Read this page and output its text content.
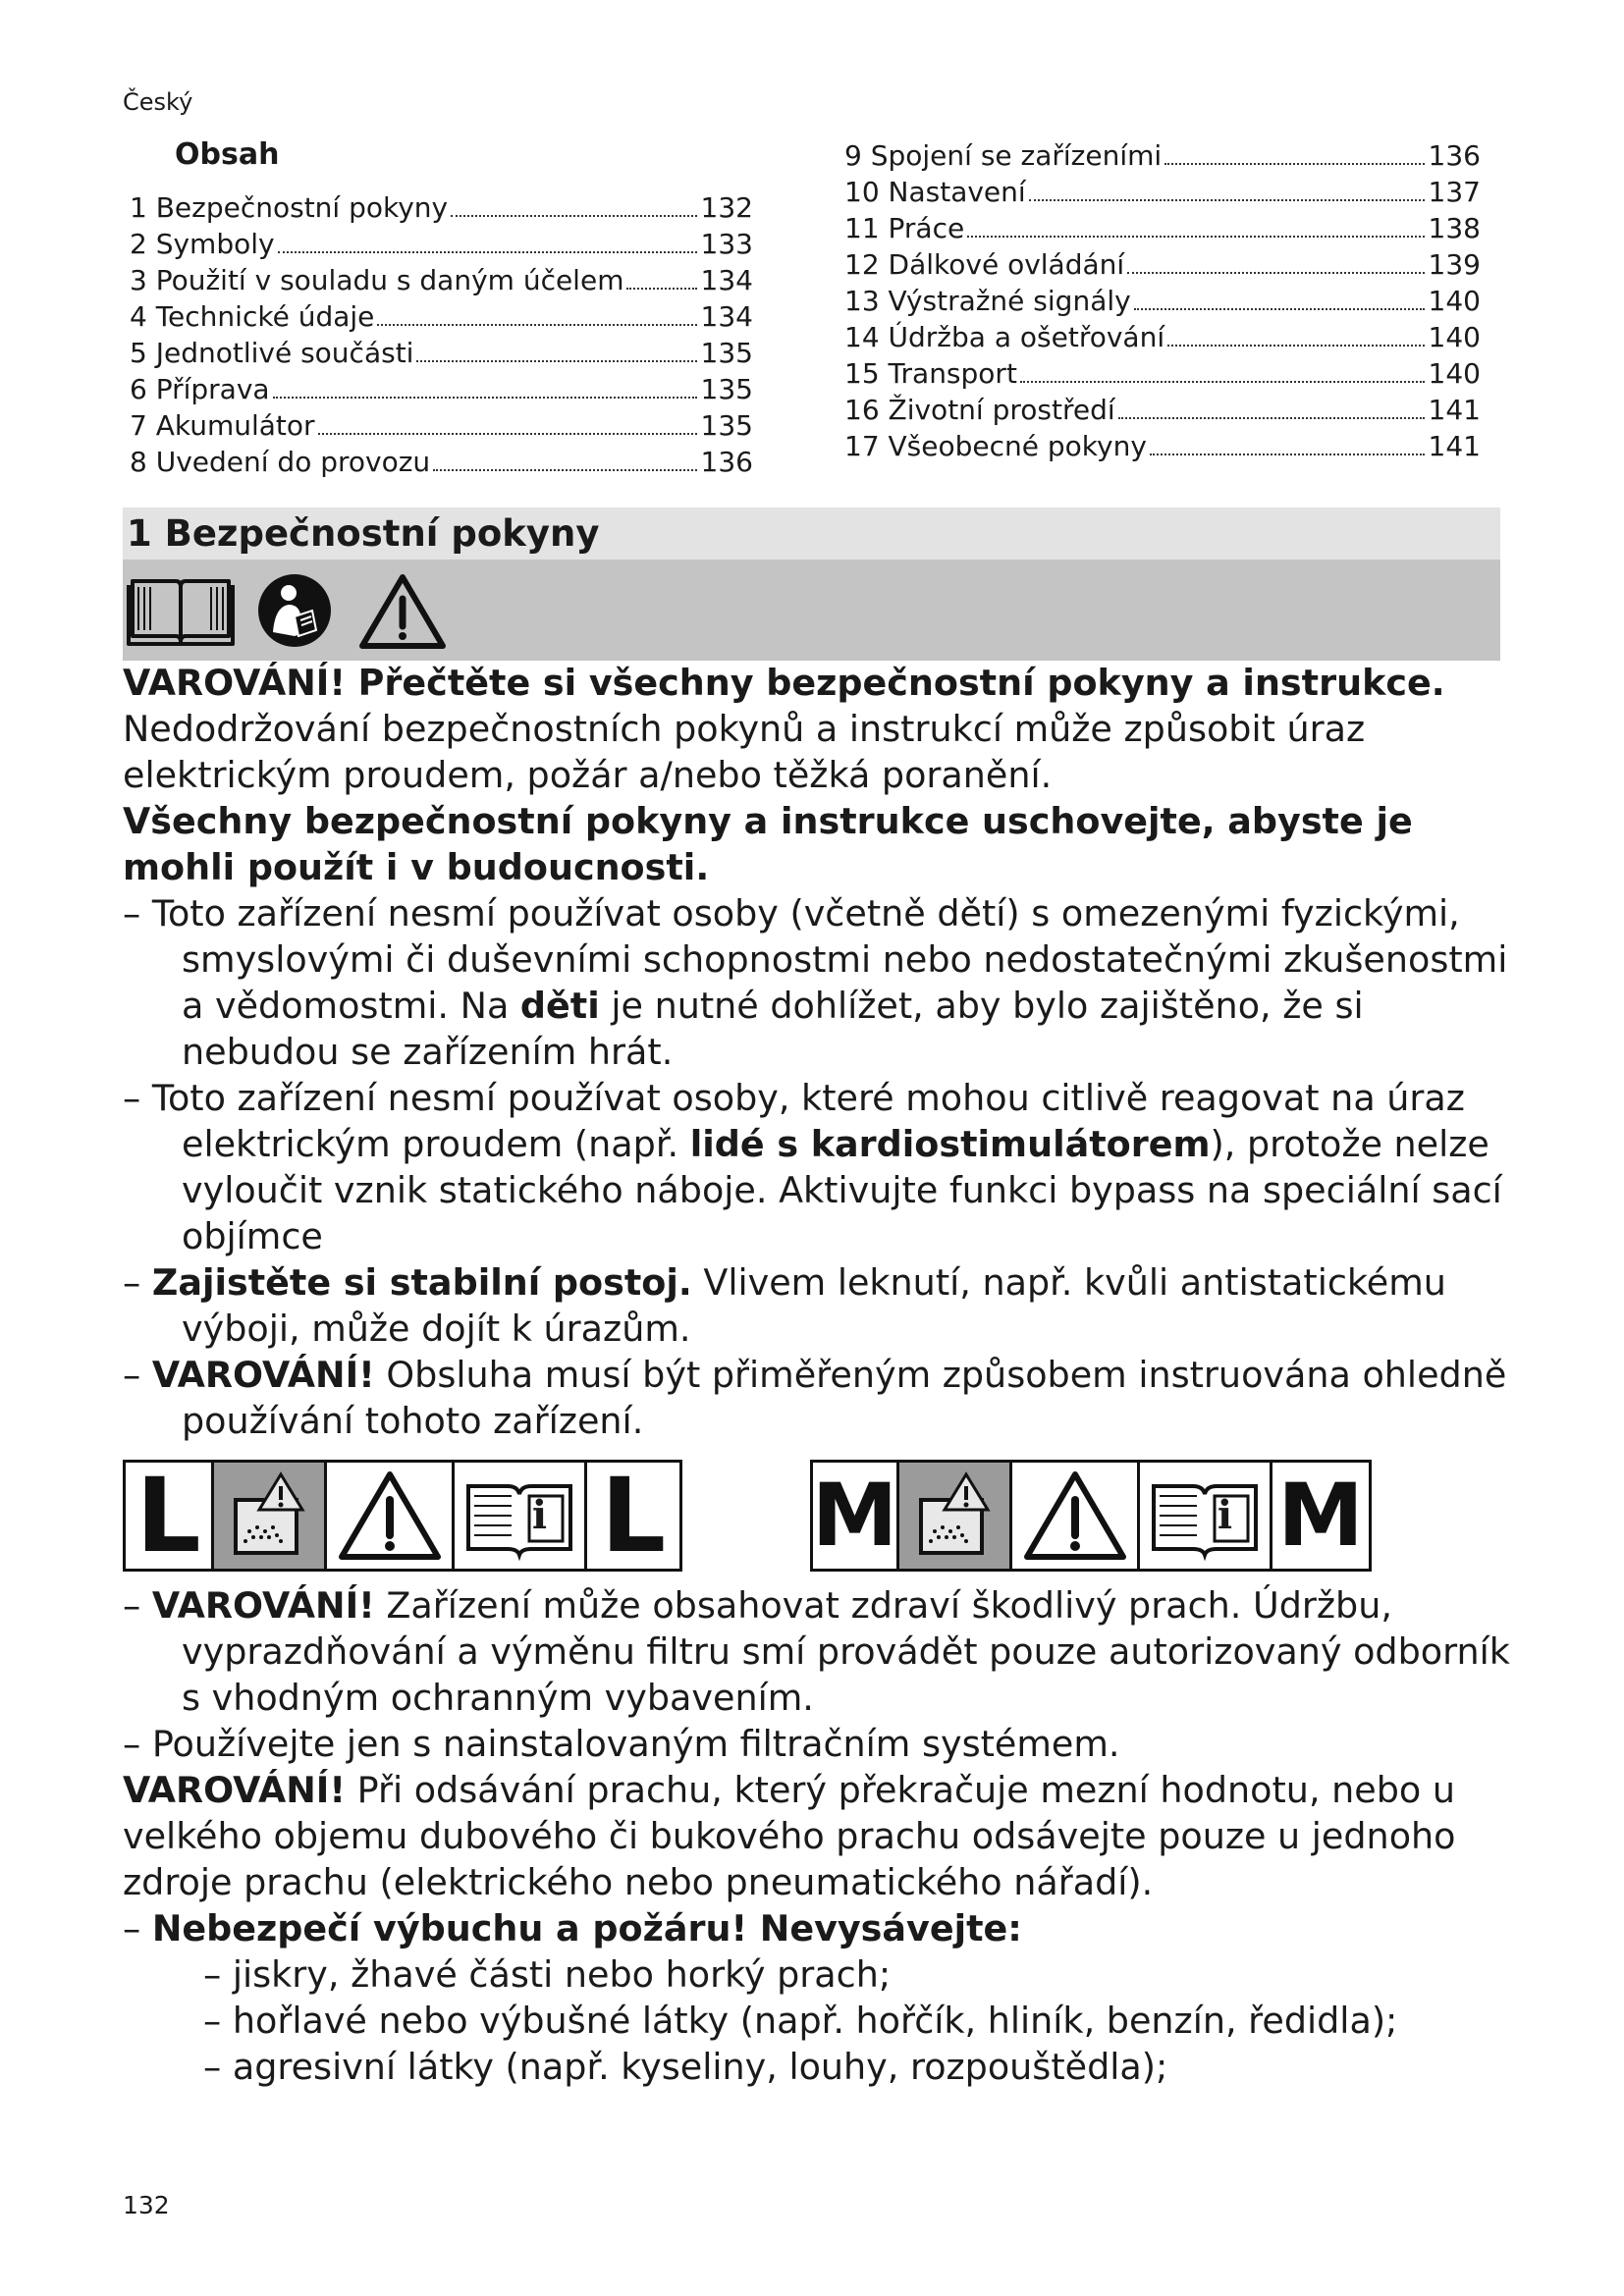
Český
Obsah
1 Bezpečnostní pokyny	132
2 Symboly	133
3 Použití v souladu s daným účelem	134
4 Technické údaje	134
5 Jednotlivé součásti	135
6 Příprava	135
7 Akumulátor	135
8 Uvedení do provozu	136
9 Spojení se zařízeními	136
10 Nastavení	137
11 Práce	138
12 Dálkové ovládání	139
13 Výstražné signály	140
14 Údržba a ošetřování	140
15 Transport	140
16 Životní prostředí	141
17 Všeobecné pokyny	141
1 Bezpečnostní pokyny

VAROVÁNÍ! Přečtěte si všechny bezpečnostní pokyny a instrukce. Nedodržování bezpečnostních pokynů a instrukcí může způsobit úraz elektrickým proudem, požár a/nebo těžká poranění.

Všechny bezpečnostní pokyny a instrukce uschovejte, abyste je mohli použít i v budoucnosti.

– Toto zařízení nesmí používat osoby (včetně dětí) s omezenými fyzickými, smyslovými či duševními schopnostmi nebo nedostatečnými zkušenostmi a vědomostmi. Na děti je nutné dohlížet, aby bylo zajištěno, že si nebudou se zařízením hrát.

– Toto zařízení nesmí používat osoby, které mohou citlivě reagovat na úraz elektrickým proudem (např. lidé s kardiostimulátorem), protože nelze vyloučit vznik statického náboje. Aktivujte funkci bypass na speciální sací objímce

– Zajistěte si stabilní postoj. Vlivem leknutí, např. kvůli antistatickému výboji, může dojít k úrazům.

– VAROVÁNÍ! Obsluha musí být přiměřeným způsobem instruována ohledně používání tohoto zařízení.

L	i L M	i M

– VAROVÁNÍ! Zařízení může obsahovat zdraví škodlivý prach. Údržbu, vyprazdňování a výměnu filtru smí provádět pouze autorizovaný odborník s vhodným ochranným vybavením.

– Používejte jen s nainstalovaným filtračním systémem.

VAROVÁNÍ! Při odsávání prachu, který překračuje mezní hodnotu, nebo u velkého objemu dubového či bukového prachu odsávejte pouze u jednoho zdroje prachu (elektrického nebo pneumatického nářadí).

– Nebezpečí výbuchu a požáru! Nevysávejte:

– jiskry, žhavé části nebo horký prach;

– hořlavé nebo výbušné látky (např. hořčík, hliník, benzín, ředidla);

– agresivní látky (např. kyseliny, louhy, rozpouštědla);

132
